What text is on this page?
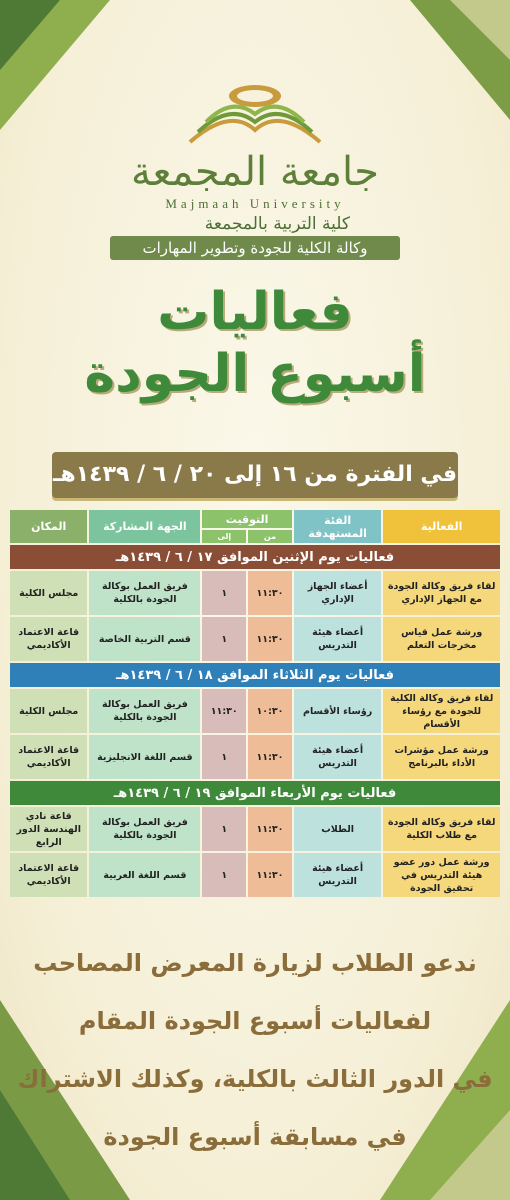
جامعة المجمعة
Majmaah University
كلية التربية بالمجمعة
وكالة الكلية للجودة وتطوير المهارات
فعاليات
أسبوع الجودة
في الفترة من ١٦ إلى ٢٠ / ٦ / ١٤٣٩هـ
الفعالية	الفئة المستهدفة	التوقيت		الجهة المشاركة	المكان
		من	إلى		
فعاليات يوم الإثنين الموافق ١٧ / ٦ / ١٤٣٩هـ					
لقاء فريق وكالة الجودة مع الجهاز الإداري	أعضاء الجهاز الإداري	١١:٣٠	١	فريق العمل بوكالة الجودة بالكلية	مجلس الكلية
ورشة عمل قياس مخرجات التعلم	أعضاء هيئة التدريس	١١:٣٠	١	قسم التربية الخاصة	قاعة الاعتماد الأكاديمي
فعاليات يوم الثلاثاء الموافق ١٨ / ٦ / ١٤٣٩هـ					
لقاء فريق وكالة الكلية للجودة مع رؤساء الأقسام	رؤساء الأقسام	١٠:٣٠	١١:٣٠	فريق العمل بوكالة الجودة بالكلية	مجلس الكلية
ورشة عمل مؤشرات الأداء بالبرنامج	أعضاء هيئة التدريس	١١:٣٠	١	قسم اللغة الانجليزية	قاعة الاعتماد الأكاديمي
فعاليات يوم الأربعاء الموافق ١٩ / ٦ / ١٤٣٩هـ					
لقاء فريق وكالة الجودة مع طلاب الكلية	الطلاب	١١:٣٠	١	فريق العمل بوكالة الجودة بالكلية	قاعة نادي الهندسة الدور الرابع
ورشة عمل دور عضو هيئة التدريس في تحقيق الجودة	أعضاء هيئة التدريس	١١:٣٠	١	قسم اللغة العربية	قاعة الاعتماد الأكاديمي
ندعو الطلاب لزيارة المعرض المصاحب
لفعاليات أسبوع الجودة المقام
في الدور الثالث بالكلية، وكذلك الاشتراك
في مسابقة أسبوع الجودة
